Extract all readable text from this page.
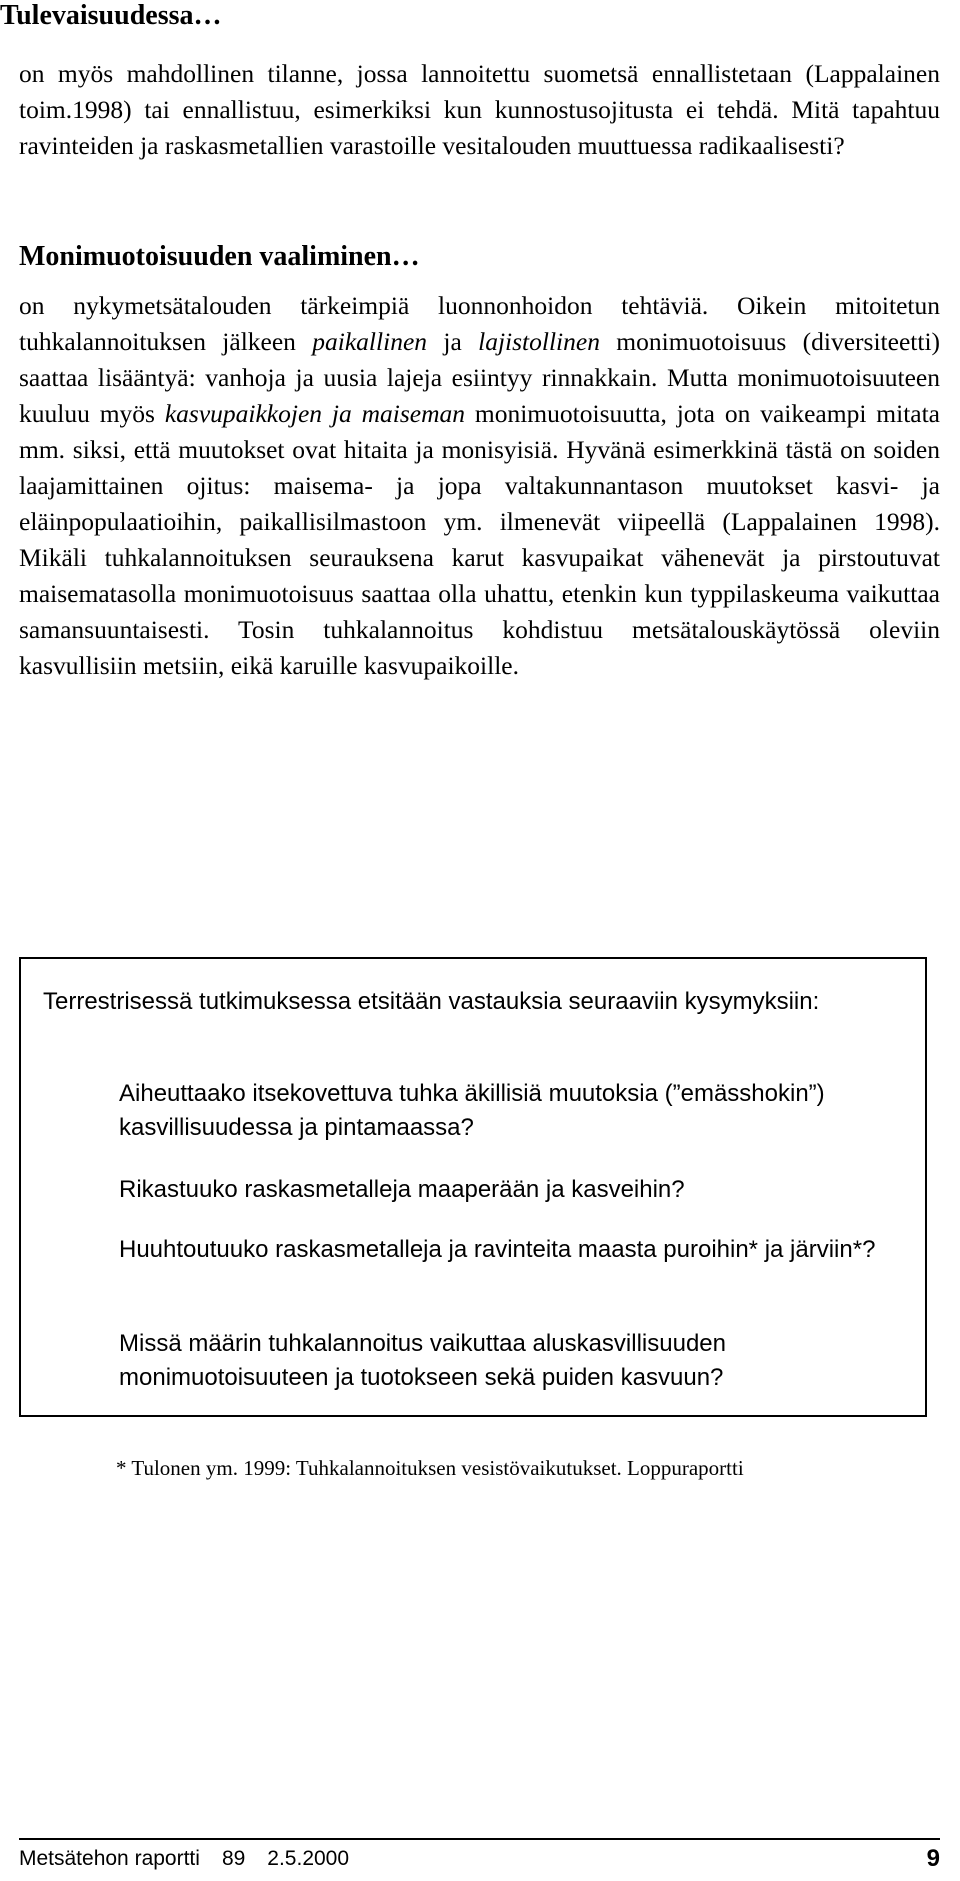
Tulevaisuudessa…

on myös mahdollinen tilanne, jossa lannoitettu suometsä ennallistetaan (Lappalainen toim.1998) tai ennallistuu, esimerkiksi kun kunnostusojitusta ei tehdä. Mitä tapahtuu ravinteiden ja raskasmetallien varastoille vesitalouden muuttuessa radikaalisesti?

Monimuotoisuuden vaaliminen…

on nykymetsätalouden tärkeimpiä luonnonhoidon tehtäviä. Oikein mitoitetun tuhkalannoituksen jälkeen paikallinen ja lajistollinen monimuotoisuus (diversiteetti) saattaa lisääntyä: vanhoja ja uusia lajeja esiintyy rinnakkain. Mutta monimuotoisuuteen kuuluu myös kasvupaikkojen ja maiseman monimuotoisuutta, jota on vaikeampi mitata mm. siksi, että muutokset ovat hitaita ja monisyisiä. Hyvänä esimerkkinä tästä on soiden laajamittainen ojitus: maisema- ja jopa valtakunnantason muutokset kasvi- ja eläinpopulaatioihin, paikallisilmastoon ym. ilmenevät viipeellä (Lappalainen 1998). Mikäli tuhkalannoituksen seurauksena karut kasvupaikat vähenevät ja pirstoutuvat maisematasolla monimuotoisuus saattaa olla uhattu, etenkin kun typpilaskeuma vaikuttaa samansuuntaisesti. Tosin tuhkalannoitus kohdistuu metsätalouskäytössä oleviin kasvullisiin metsiin, eikä karuille kasvupaikoille.

Terrestrisessä tutkimuksessa etsitään vastauksia seuraaviin kysymyksiin:
Aiheuttaako itsekovettuva tuhka äkillisiä muutoksia (”emässhokin”) kasvillisuudessa ja pintamaassa?
Rikastuuko raskasmetalleja maaperään ja kasveihin?
Huuhtoutuuko raskasmetalleja ja ravinteita maasta puroihin* ja järviin*?
Missä määrin tuhkalannoitus vaikuttaa aluskasvillisuuden monimuotoisuuteen ja tuotokseen sekä puiden kasvuun?
* Tulonen ym. 1999: Tuhkalannoituksen vesistövaikutukset. Loppuraportti
Metsätehon raportti 89 2.5.2000	9
